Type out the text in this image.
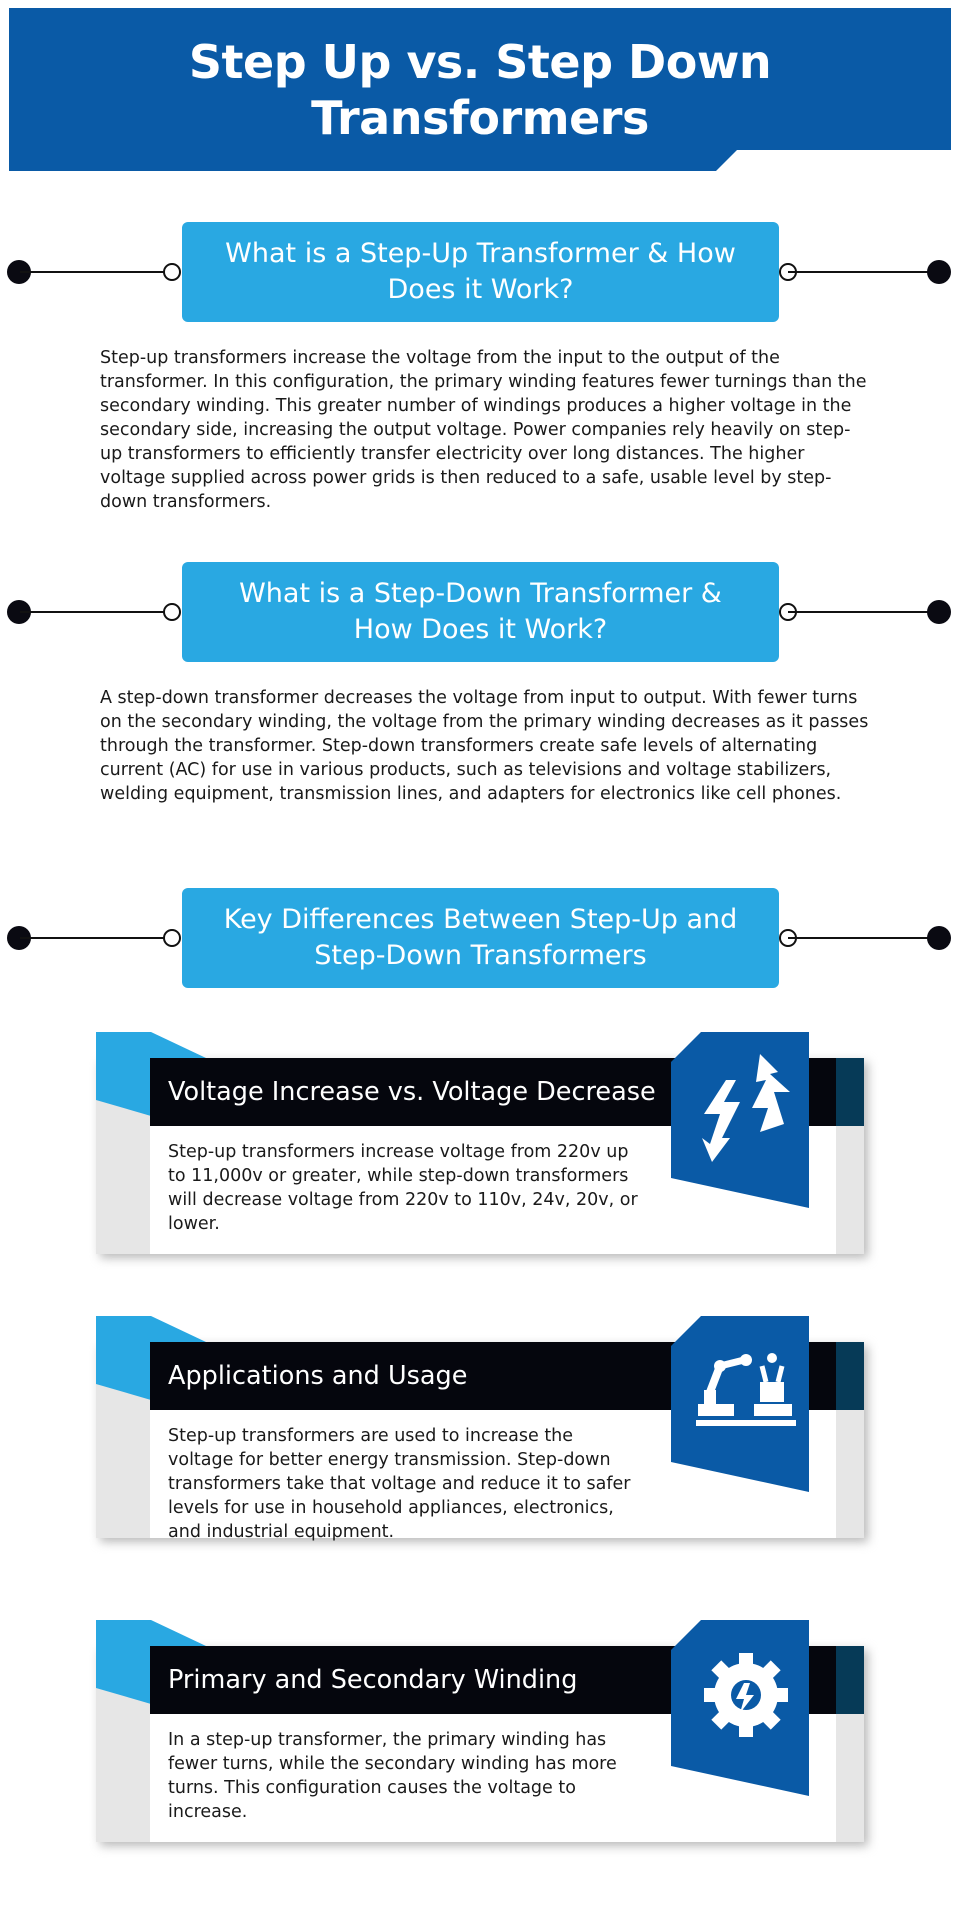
Step Up vs. Step Down Transformers
What is a Step-Up Transformer & How Does it Work?

Step-up transformers increase the voltage from the input to the output of the transformer. In this configuration, the primary winding features fewer turnings than the secondary winding. This greater number of windings produces a higher voltage in the secondary side, increasing the output voltage. Power companies rely heavily on step-up transformers to efficiently transfer electricity over long distances. The higher voltage supplied across power grids is then reduced to a safe, usable level by step-down transformers.

What is a Step-Down Transformer & How Does it Work?

A step-down transformer decreases the voltage from input to output. With fewer turns on the secondary winding, the voltage from the primary winding decreases as it passes through the transformer. Step-down transformers create safe levels of alternating current (AC) for use in various products, such as televisions and voltage stabilizers, welding equipment, transmission lines, and adapters for electronics like cell phones.

Key Differences Between Step-Up and Step-Down Transformers
Voltage Increase vs. Voltage Decrease

Step-up transformers increase voltage from 220v up to 11,000v or greater, while step-down transformers will decrease voltage from 220v to 110v, 24v, 20v, or lower.

Applications and Usage

Step-up transformers are used to increase the voltage for better energy transmission. Step-down transformers take that voltage and reduce it to safer levels for use in household appliances, electronics, and industrial equipment.

Primary and Secondary Winding

In a step-up transformer, the primary winding has fewer turns, while the secondary winding has more turns. This configuration causes the voltage to increase.
